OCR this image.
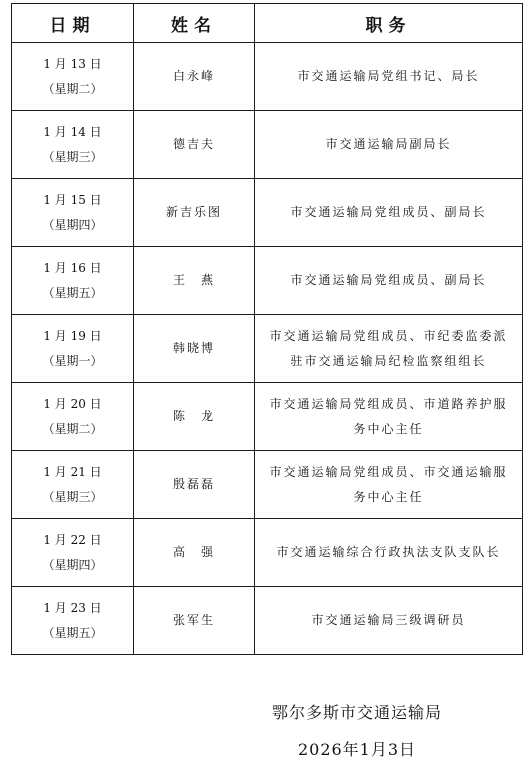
日期	姓名	职务

1 月 13 日
（星期二）	白永峰	市交通运输局党组书记、局长

1 月 14 日
（星期三）	德吉夫	市交通运输局副局长

1 月 15 日
（星期四）	新吉乐图	市交通运输局党组成员、副局长

1 月 16 日
（星期五）	王　燕	市交通运输局党组成员、副局长

1 月 19 日
（星期一）	韩晓博	市交通运输局党组成员、市纪委监委派驻市交通运输局纪检监察组组长

1 月 20 日
（星期二）	陈　龙	市交通运输局党组成员、市道路养护服务中心主任

1 月 21 日
（星期三）	殷磊磊	市交通运输局党组成员、市交通运输服务中心主任

1 月 22 日
（星期四）	高　强	市交通运输综合行政执法支队支队长

1 月 23 日
（星期五）	张军生	市交通运输局三级调研员
鄂尔多斯市交通运输局
2026年1月3日
